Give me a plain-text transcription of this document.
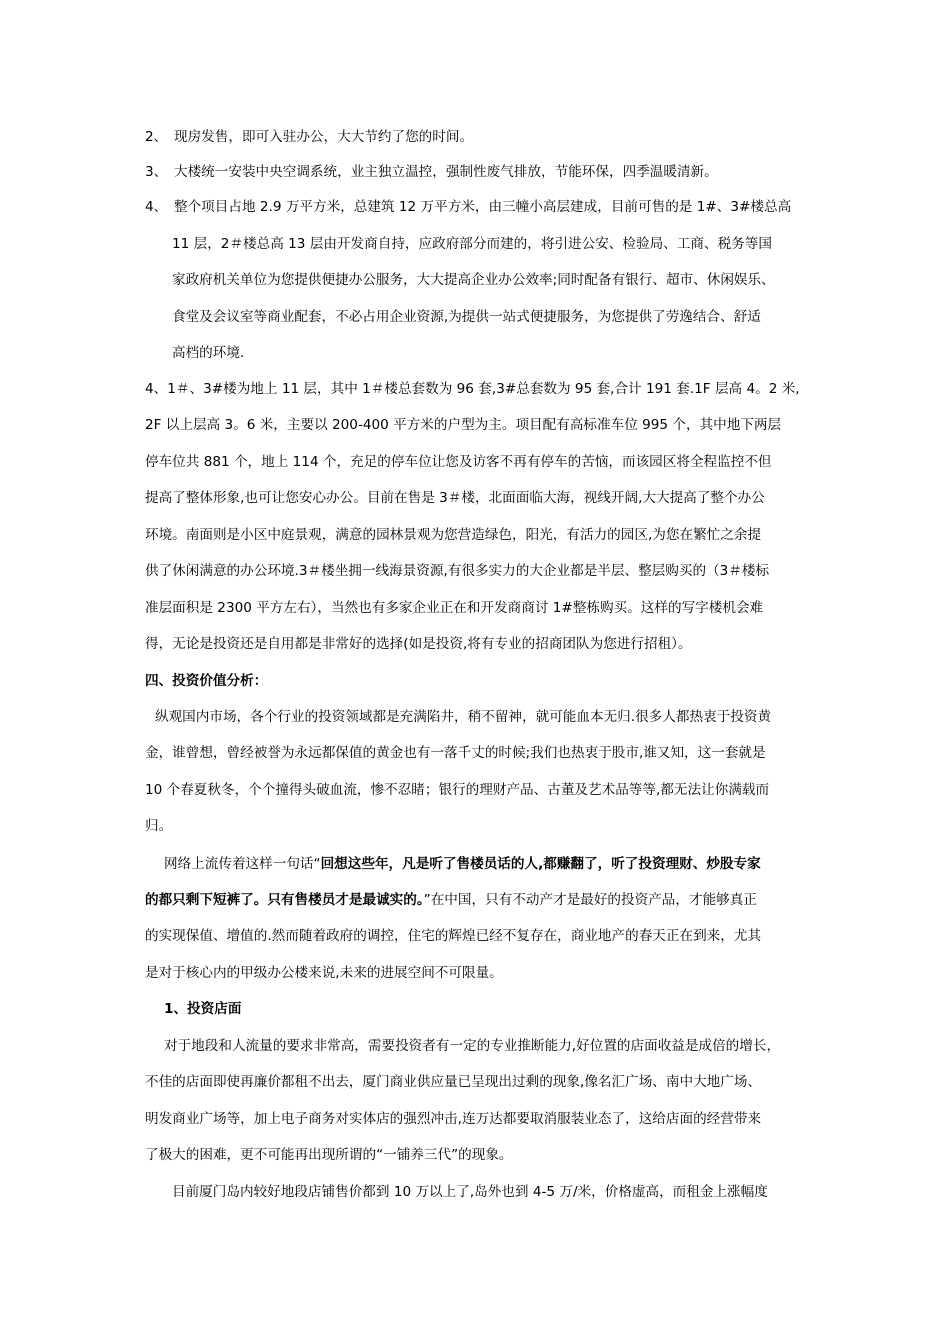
2、 现房发售，即可入驻办公，大大节约了您的时间。
3、 大楼统一安装中央空调系统，业主独立温控，强制性废气排放，节能环保，四季温暖清新。
4、 整个项目占地 2.9 万平方米，总建筑 12 万平方米，由三幢小高层建成，目前可售的是 1#、3#楼总高
11 层，2＃楼总高 13 层由开发商自持，应政府部分而建的，将引进公安、检验局、工商、税务等国
家政府机关单位为您提供便捷办公服务，大大提高企业办公效率;同时配备有银行、超市、休闲娱乐、
食堂及会议室等商业配套，不必占用企业资源,为提供一站式便捷服务，为您提供了劳逸结合、舒适
高档的环境.
4、1＃、3#楼为地上 11 层，其中 1＃楼总套数为 96 套,3#总套数为 95 套,合计 191 套.1F 层高 4。2 米,
2F 以上层高 3。6 米，主要以 200-400 平方米的户型为主。项目配有高标准车位 995 个，其中地下两层
停车位共 881 个，地上 114 个，充足的停车位让您及访客不再有停车的苦恼，而该园区将全程监控不但
提高了整体形象,也可让您安心办公。目前在售是 3＃楼，北面面临大海，视线开阔,大大提高了整个办公
环境。南面则是小区中庭景观，满意的园林景观为您营造绿色，阳光，有活力的园区,为您在繁忙之余提
供了休闲满意的办公环境.3＃楼坐拥一线海景资源,有很多实力的大企业都是半层、整层购买的（3＃楼标
准层面积是 2300 平方左右），当然也有多家企业正在和开发商商讨 1#整栋购买。这样的写字楼机会难
得，无论是投资还是自用都是非常好的选择(如是投资,将有专业的招商团队为您进行招租）。
四、投资价值分析：
纵观国内市场，各个行业的投资领域都是充满陷井，稍不留神，就可能血本无归.很多人都热衷于投资黄
金，谁曾想，曾经被誉为永远都保值的黄金也有一落千丈的时候;我们也热衷于股市,谁又知，这一套就是
10 个春夏秋冬，个个撞得头破血流，惨不忍睹；银行的理财产品、古董及艺术品等等,都无法让你满载而
归。
网络上流传着这样一句话“回想这些年，凡是听了售楼员话的人,都赚翻了，听了投资理财、炒股专家
的都只剩下短裤了。只有售楼员才是最诚实的。”在中国，只有不动产才是最好的投资产品，才能够真正
的实现保值、增值的.然而随着政府的调控，住宅的辉煌已经不复存在，商业地产的春天正在到来，尤其
是对于核心内的甲级办公楼来说,未来的进展空间不可限量。
1、投资店面
对于地段和人流量的要求非常高，需要投资者有一定的专业推断能力,好位置的店面收益是成倍的增长，
不佳的店面即使再廉价都租不出去，厦门商业供应量已呈现出过剩的现象,像名汇广场、南中大地广场、
明发商业广场等，加上电子商务对实体店的强烈冲击,连万达都要取消服装业态了，这给店面的经营带来
了极大的困难，更不可能再出现所谓的“一铺养三代”的现象。
目前厦门岛内较好地段店铺售价都到 10 万以上了,岛外也到 4-5 万/米，价格虚高，而租金上涨幅度
